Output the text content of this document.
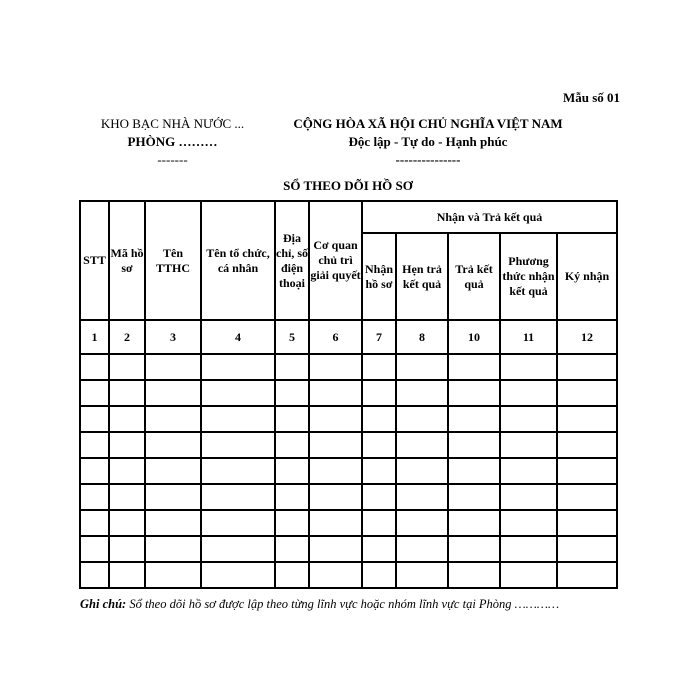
Mẫu số 01
KHO BẠC NHÀ NƯỚC ...
PHÒNG ………
-------
CỘNG HÒA XÃ HỘI CHỦ NGHĨA VIỆT NAM
Độc lập - Tự do - Hạnh phúc
---------------
SỔ THEO DÕI HỒ SƠ
STT	Mã hồ sơ	Tên TTHC	Tên tổ chức, cá nhân	Địa chỉ, số điện thoại	Cơ quan chủ trì giải quyết	Nhận và Trả kết quả				
						Nhận hồ sơ	Hẹn trả kết quả	Trả kết quả	Phương thức nhận kết quả	Ký nhận
1	2	3	4	5	6	7	8	10	11	12

Ghi chú: Sổ theo dõi hồ sơ được lập theo từng lĩnh vực hoặc nhóm lĩnh vực tại Phòng …………
